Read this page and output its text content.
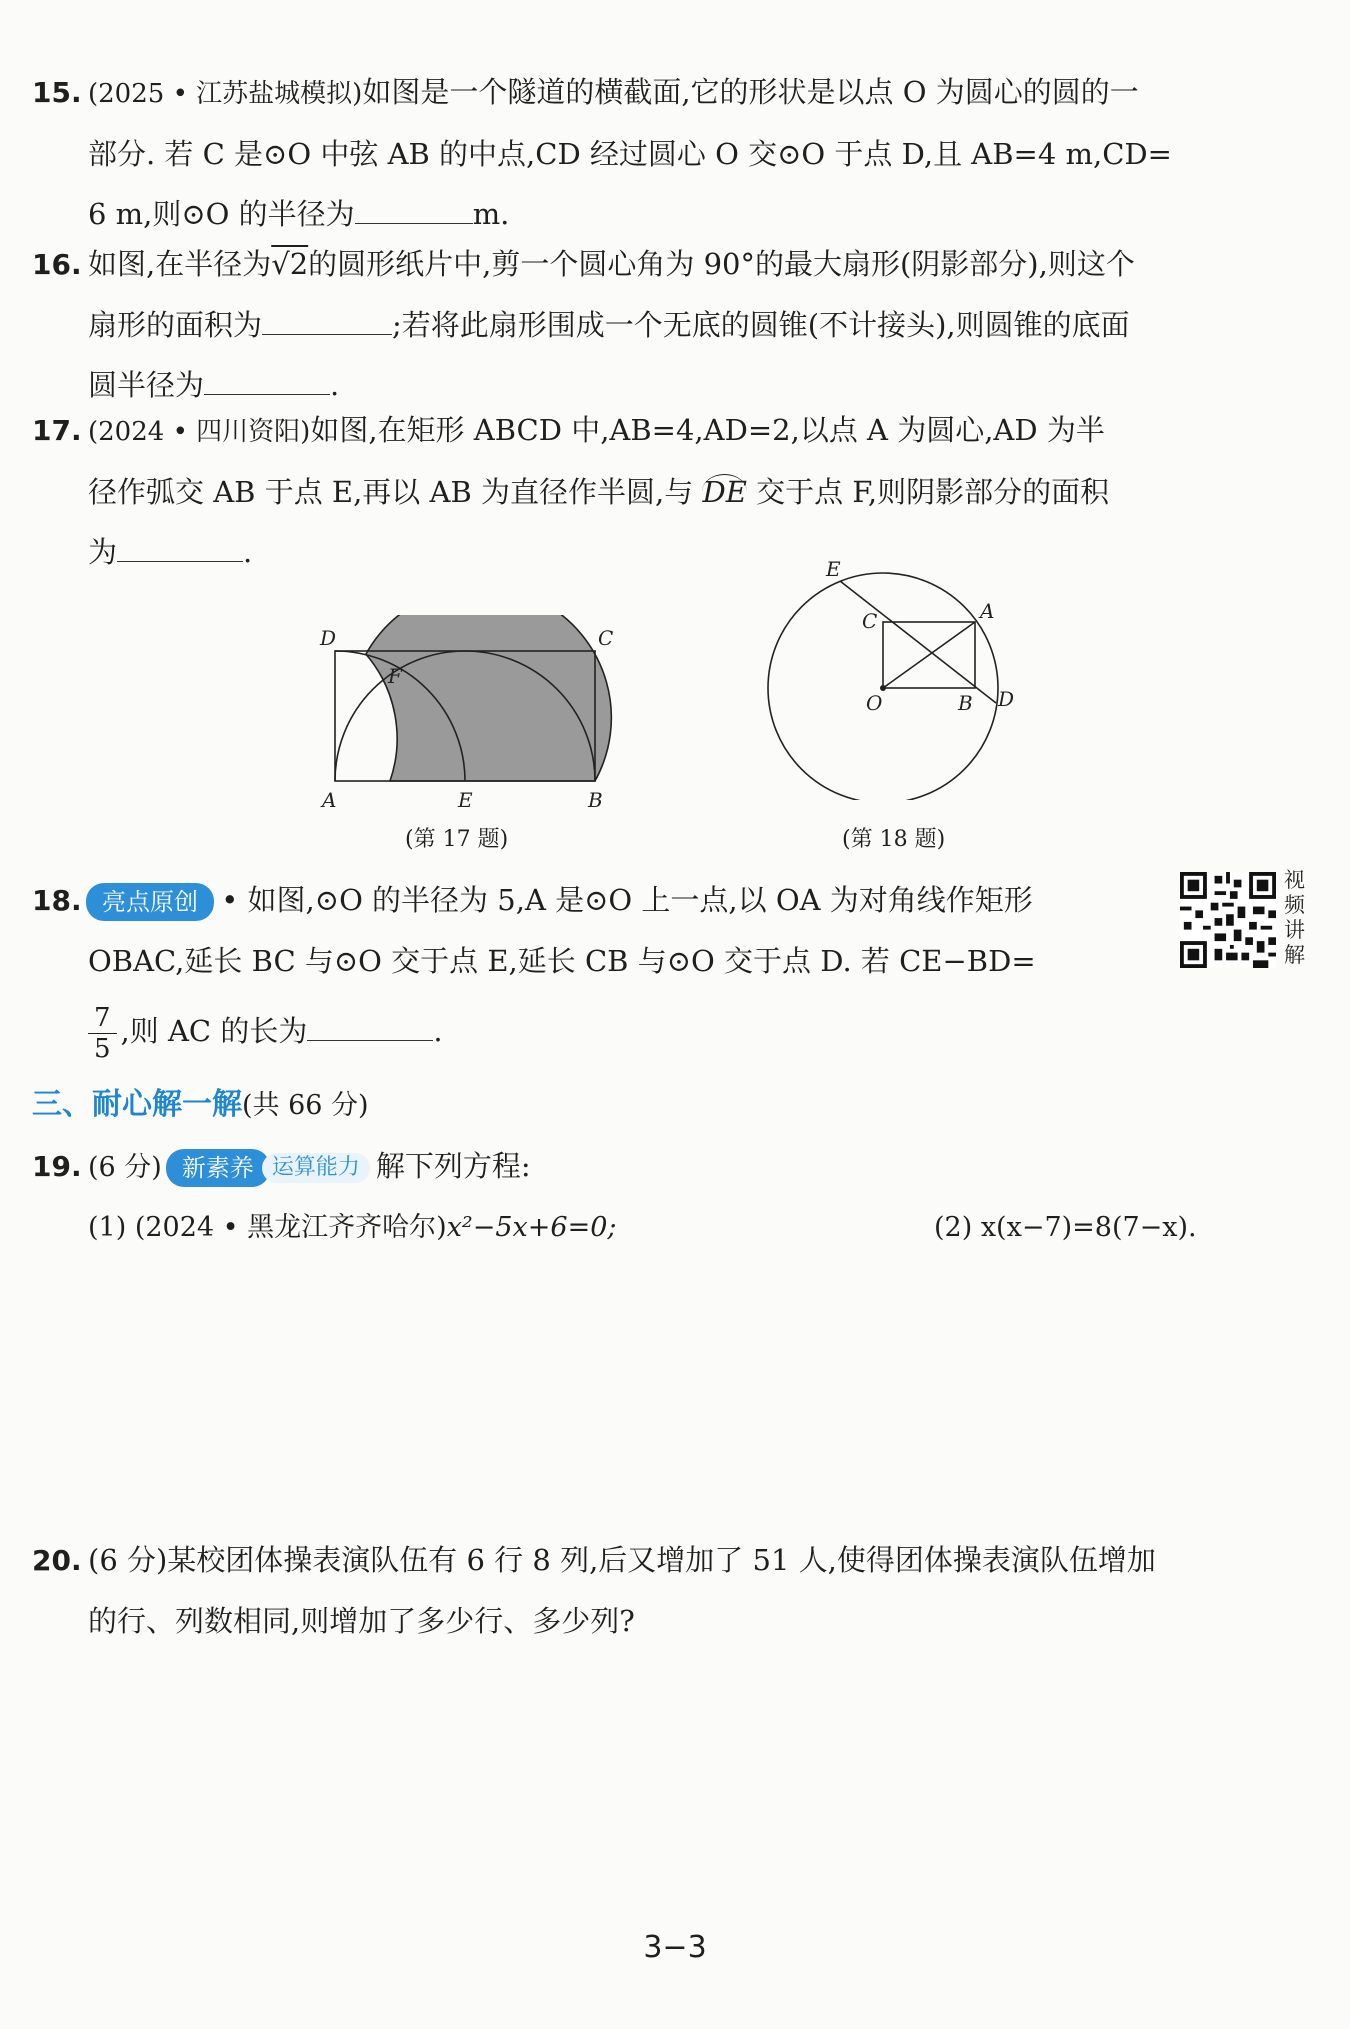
15. (2025 • 江苏盐城模拟)如图是一个隧道的横截面,它的形状是以点 O 为圆心的圆的一
部分. 若 C 是⊙O 中弦 AB 的中点,CD 经过圆心 O 交⊙O 于点 D,且 AB=4 m,CD=
6 m,则⊙O 的半径为	m.
16. 如图,在半径为√2的圆形纸片中,剪一个圆心角为 90°的最大扇形(阴影部分),则这个
扇形的面积为	;若将此扇形围成一个无底的圆锥(不计接头),则圆锥的底面
圆半径为	.
17. (2024 • 四川资阳)如图,在矩形 ABCD 中,AB=4,AD=2,以点 A 为圆心,AD 为半
径作弧交 AB 于点 E,再以 AB 为直径作半圆,与 DE 交于点 F,则阴影部分的面积
为	.
D	C
F
A	E	B
(第 17 题)
E
A
C
O	B D
(第 18 题)
18. 亮点原创 • 如图,⊙O 的半径为 5,A 是⊙O 上一点,以 OA 为对角线作矩形
OBAC,延长 BC 与⊙O 交于点 E,延长 CB 与⊙O 交于点 D. 若 CE−BD=
$\frac{7}{5}$ ,则 AC 的长为	.
视频讲解
三、耐心解一解(共 66 分)
19. (6 分) 新素养 运算能力 解下列方程:
(1) (2024 • 黑龙江齐齐哈尔)x²−5x+6=0;	(2) x(x−7)=8(7−x).
20. (6 分)某校团体操表演队伍有 6 行 8 列,后又增加了 51 人,使得团体操表演队伍增加
的行、列数相同,则增加了多少行、多少列?
3−3
